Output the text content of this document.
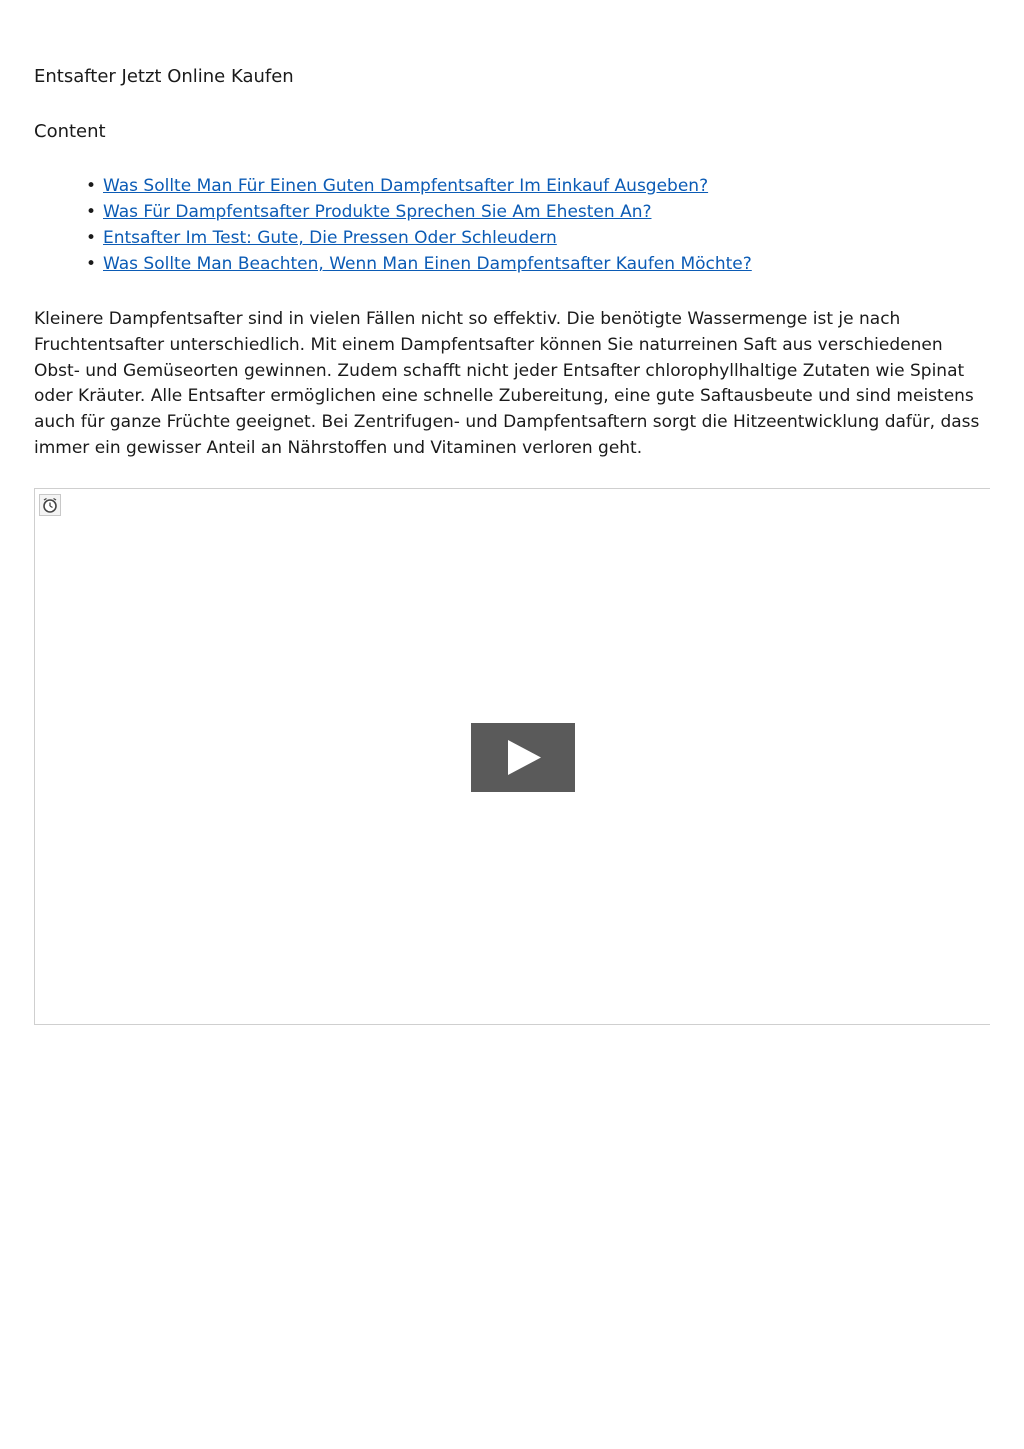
Entsafter Jetzt Online Kaufen
Content
• Was Sollte Man Für Einen Guten Dampfentsafter Im Einkauf Ausgeben?
• Was Für Dampfentsafter Produkte Sprechen Sie Am Ehesten An?
• Entsafter Im Test: Gute, Die Pressen Oder Schleudern
• Was Sollte Man Beachten, Wenn Man Einen Dampfentsafter Kaufen Möchte?

Kleinere Dampfentsafter sind in vielen Fällen nicht so effektiv. Die benötigte Wassermenge ist je nach Fruchtentsafter unterschiedlich. Mit einem Dampfentsafter können Sie naturreinen Saft aus verschiedenen Obst- und Gemüseorten gewinnen. Zudem schafft nicht jeder Entsafter chlorophyllhaltige Zutaten wie Spinat oder Kräuter. Alle Entsafter ermöglichen eine schnelle Zubereitung, eine gute Saftausbeute und sind meistens auch für ganze Früchte geeignet. Bei Zentrifugen- und Dampfentsaftern sorgt die Hitzeentwicklung dafür, dass immer ein gewisser Anteil an Nährstoffen und Vitaminen verloren geht.
